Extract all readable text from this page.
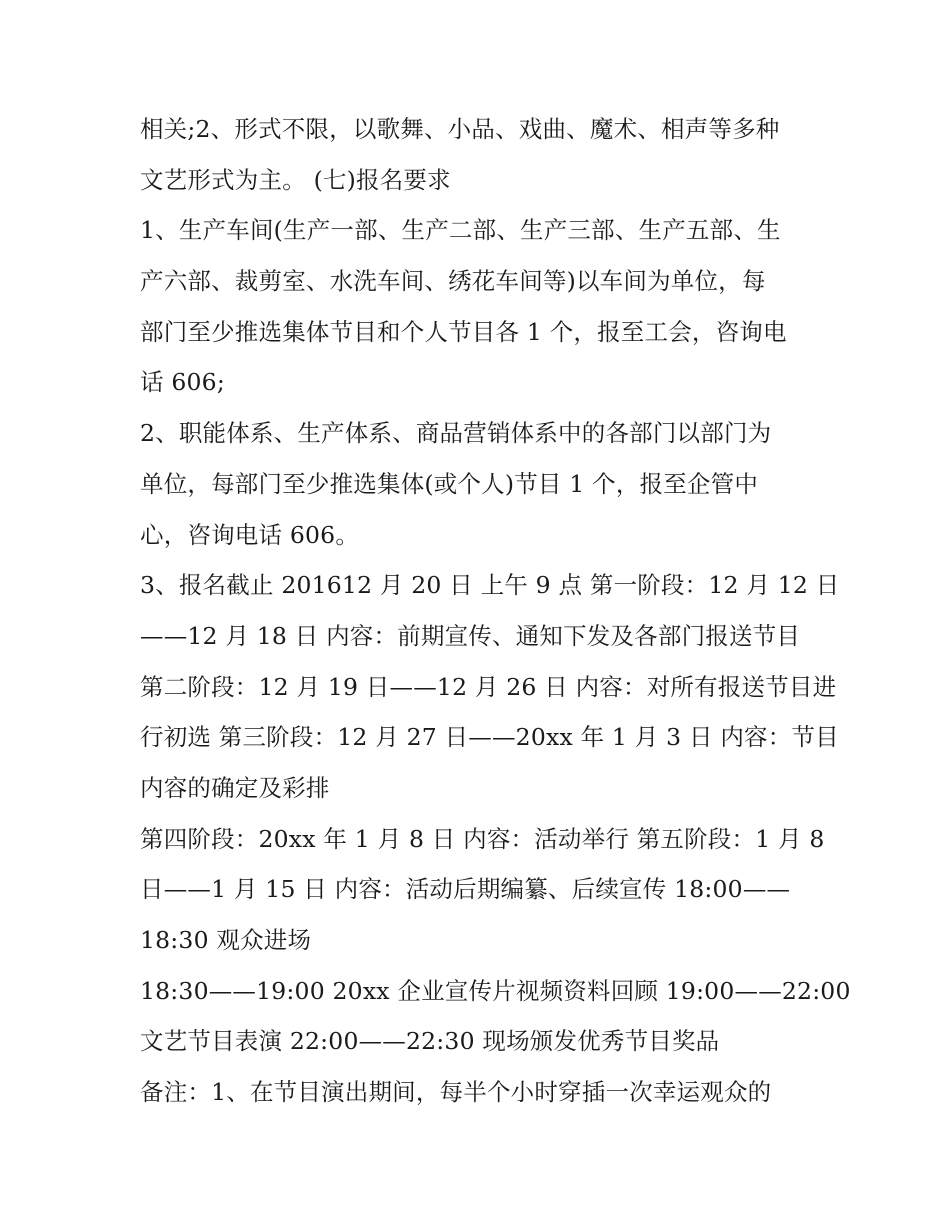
相关;2、形式不限，以歌舞、小品、戏曲、魔术、相声等多种
文艺形式为主。 (七)报名要求
1、生产车间(生产一部、生产二部、生产三部、生产五部、生
产六部、裁剪室、水洗车间、绣花车间等)以车间为单位，每
部门至少推选集体节目和个人节目各 1 个，报至工会，咨询电
话 606;
2、职能体系、生产体系、商品营销体系中的各部门以部门为
单位，每部门至少推选集体(或个人)节目 1 个，报至企管中
心，咨询电话 606。
3、报名截止 201612 月 20 日 上午 9 点 第一阶段：12 月 12 日
——12 月 18 日 内容：前期宣传、通知下发及各部门报送节目
第二阶段：12 月 19 日——12 月 26 日 内容：对所有报送节目进
行初选 第三阶段：12 月 27 日——20xx 年 1 月 3 日 内容：节目
内容的确定及彩排
第四阶段：20xx 年 1 月 8 日 内容：活动举行 第五阶段：1 月 8
日——1 月 15 日 内容：活动后期编纂、后续宣传 18:00——
18:30 观众进场
18:30——19:00 20xx 企业宣传片视频资料回顾 19:00——22:00
文艺节目表演 22:00——22:30 现场颁发优秀节目奖品
备注：1、在节目演出期间，每半个小时穿插一次幸运观众的
